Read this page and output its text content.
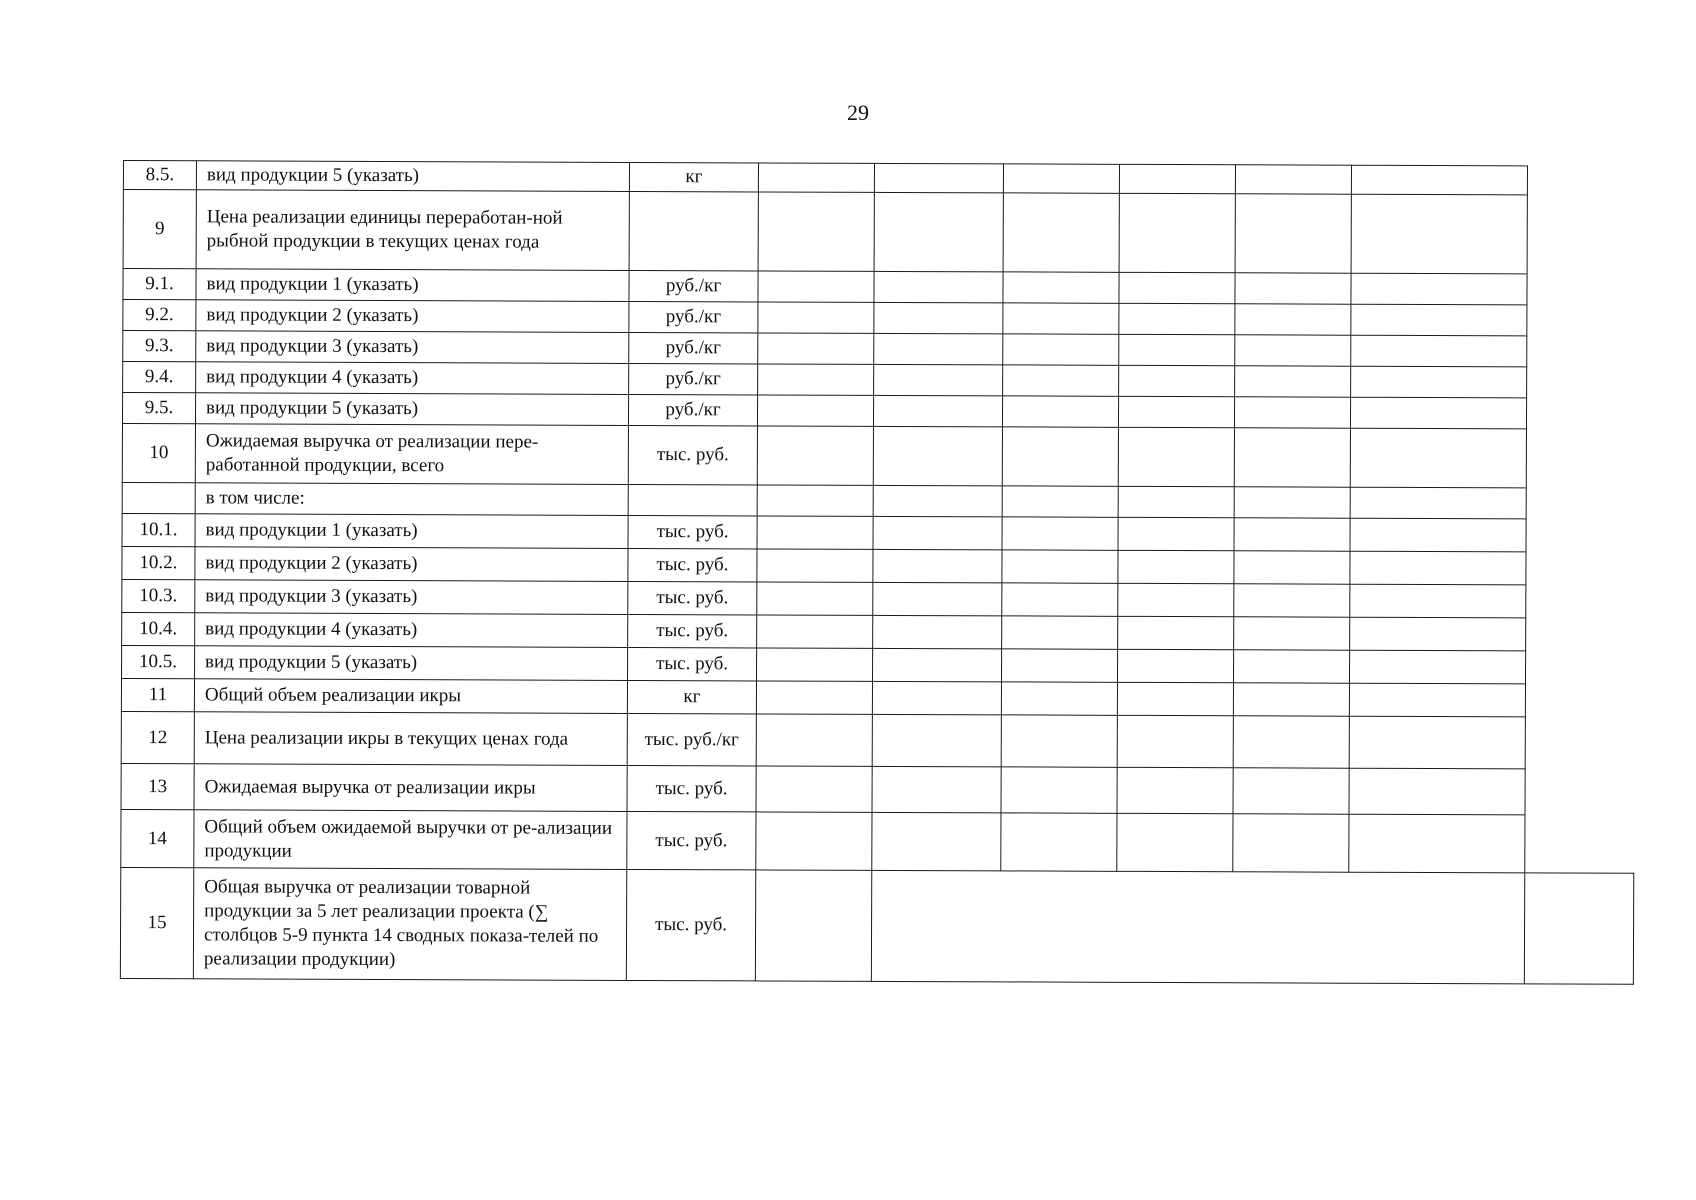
29
8.5.	вид продукции 5 (указать)	кг							
9	Цена реализации единицы переработан-ной рыбной продукции в текущих ценах года								
9.1.	вид продукции 1 (указать)	руб./кг							
9.2.	вид продукции 2 (указать)	руб./кг							
9.3.	вид продукции 3 (указать)	руб./кг							
9.4.	вид продукции 4 (указать)	руб./кг							
9.5.	вид продукции 5 (указать)	руб./кг							
10	Ожидаемая выручка от реализации пере-работанной продукции, всего	тыс. руб.							
	в том числе:								
10.1.	вид продукции 1 (указать)	тыс. руб.							
10.2.	вид продукции 2 (указать)	тыс. руб.							
10.3.	вид продукции 3 (указать)	тыс. руб.							
10.4.	вид продукции 4 (указать)	тыс. руб.							
10.5.	вид продукции 5 (указать)	тыс. руб.							
11	Общий объем реализации икры	кг							
12	Цена реализации икры в текущих ценах года	тыс. руб./кг							
13	Ожидаемая выручка от реализации икры	тыс. руб.							
14	Общий объем ожидаемой выручки от ре-ализации продукции	тыс. руб.							
15	Общая выручка от реализации товарной продукции за 5 лет реализации проекта (∑ столбцов 5-9 пункта 14 сводных показа-телей по реализации продукции)	тыс. руб.							
